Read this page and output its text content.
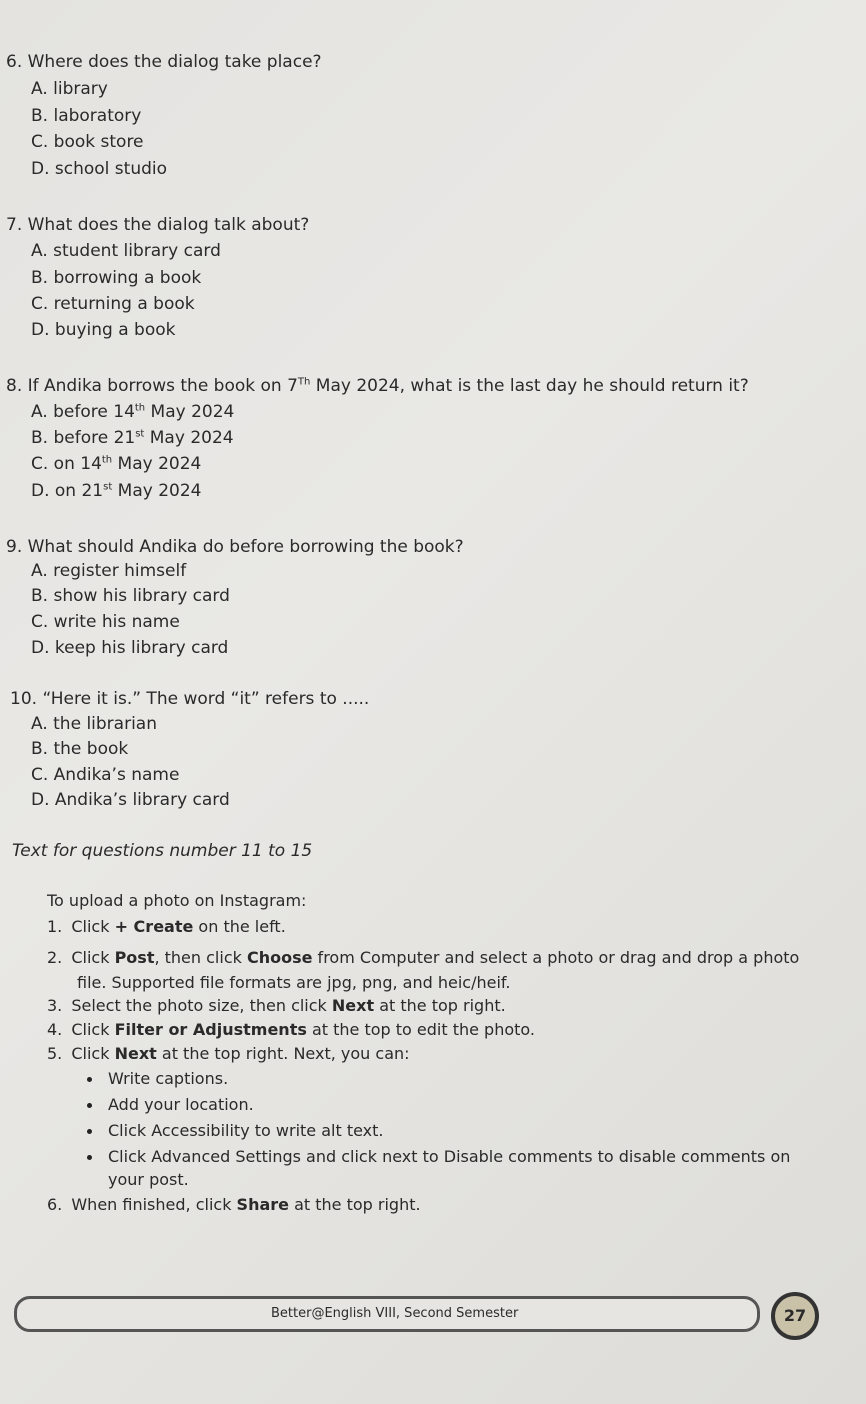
6. Where does the dialog take place?
A. library
B. laboratory
C. book store
D. school studio
7. What does the dialog talk about?
A. student library card
B. borrowing a book
C. returning a book
D. buying a book
8. If Andika borrows the book on 7Th May 2024, what is the last day he should return it?
A. before 14th May 2024
B. before 21st May 2024
C. on 14th May 2024
D. on 21st May 2024
9. What should Andika do before borrowing the book?
A. register himself
B. show his library card
C. write his name
D. keep his library card
10. “Here it is.” The word “it” refers to .....
A. the librarian
B. the book
C. Andika’s name
D. Andika’s library card
Text for questions number 11 to 15
To upload a photo on Instagram:
1. Click + Create on the left.
2. Click Post, then click Choose from Computer and select a photo or drag and drop a photo
file. Supported file formats are jpg, png, and heic/heif.
3. Select the photo size, then click Next at the top right.
4. Click Filter or Adjustments at the top to edit the photo.
5. Click Next at the top right. Next, you can:
Write captions.
Add your location.
Click Accessibility to write alt text.
Click Advanced Settings and click next to Disable comments to disable comments on
your post.
6. When finished, click Share at the top right.
Better@English VIII, Second Semester	27
